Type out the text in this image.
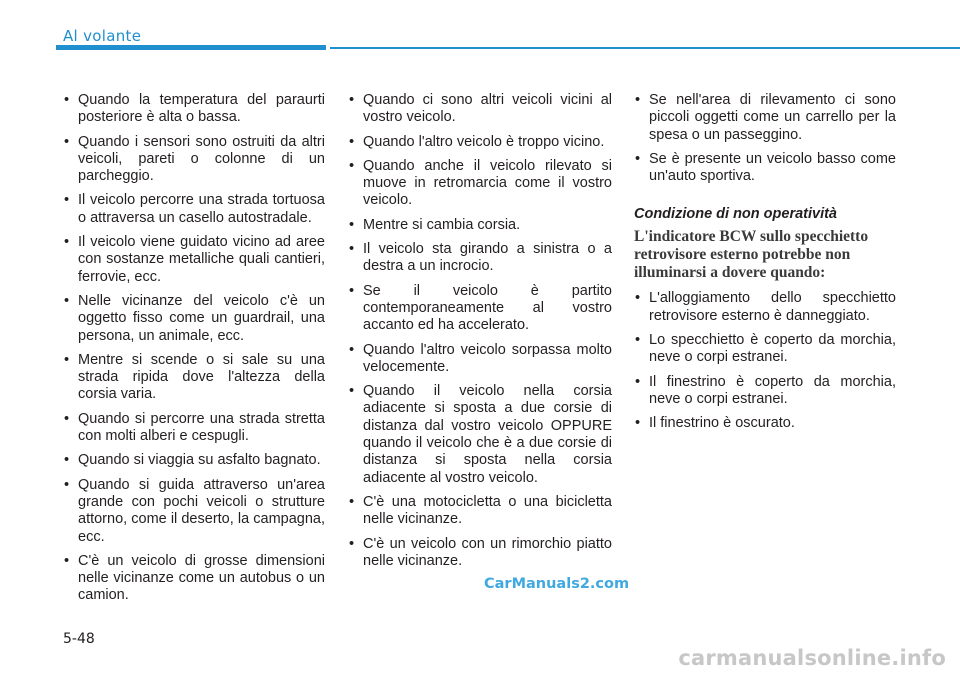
Al volante
• Quando la temperatura del paraurti posteriore è alta o bassa.
• Quando i sensori sono ostruiti da altri veicoli, pareti o colonne di un parcheggio.
• Il veicolo percorre una strada tortuosa o attraversa un casello autostradale.
• Il veicolo viene guidato vicino ad aree con sostanze metalliche quali cantieri, ferrovie, ecc.
• Nelle vicinanze del veicolo c'è un oggetto fisso come un guardrail, una persona, un animale, ecc.
• Mentre si scende o si sale su una strada ripida dove l'altezza della corsia varia.
• Quando si percorre una strada stretta con molti alberi e cespugli.
• Quando si viaggia su asfalto bagnato.
• Quando si guida attraverso un'area grande con pochi veicoli o strutture attorno, come il deserto, la campagna, ecc.
• C'è un veicolo di grosse dimensioni nelle vicinanze come un autobus o un camion.
• Quando ci sono altri veicoli vicini al vostro veicolo.
• Quando l'altro veicolo è troppo vicino.
• Quando anche il veicolo rilevato si muove in retromarcia come il vostro veicolo.
• Mentre si cambia corsia.
• Il veicolo sta girando a sinistra o a destra a un incrocio.
• Se il veicolo è partito contemporaneamente al vostro accanto ed ha accelerato.
• Quando l'altro veicolo sorpassa molto velocemente.
• Quando il veicolo nella corsia adiacente si sposta a due corsie di distanza dal vostro veicolo OPPURE quando il veicolo che è a due corsie di distanza si sposta nella corsia adiacente al vostro veicolo.
• C'è una motocicletta o una bicicletta nelle vicinanze.
• C'è un veicolo con un rimorchio piatto nelle vicinanze.
• Se nell'area di rilevamento ci sono piccoli oggetti come un carrello per la spesa o un passeggino.
• Se è presente un veicolo basso come un'auto sportiva.
Condizione di non operatività
L'indicatore BCW sullo specchietto retrovisore esterno potrebbe non illuminarsi a dovere quando:
• L'alloggiamento dello specchietto retrovisore esterno è danneggiato.
• Lo specchietto è coperto da morchia, neve o corpi estranei.
• Il finestrino è coperto da morchia, neve o corpi estranei.
• Il finestrino è oscurato.
CarManuals2.com
5-48
carmanualsonline.info
